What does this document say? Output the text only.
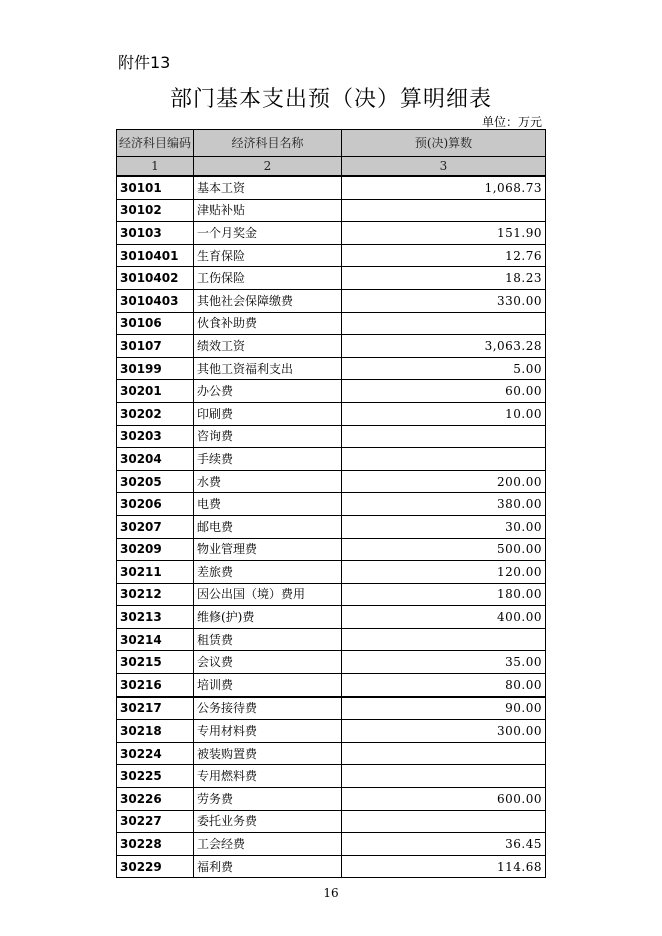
附件13
部门基本支出预（决）算明细表
单位：万元
经济科目编码	经济科目名称	预(决)算数
1	2	3
30101	基本工资	1,068.73
30102	津贴补贴	
30103	一个月奖金	151.90
3010401	生育保险	12.76
3010402	工伤保险	18.23
3010403	其他社会保障缴费	330.00
30106	伙食补助费	
30107	绩效工资	3,063.28
30199	其他工资福利支出	5.00
30201	办公费	60.00
30202	印刷费	10.00
30203	咨询费	
30204	手续费	
30205	水费	200.00
30206	电费	380.00
30207	邮电费	30.00
30209	物业管理费	500.00
30211	差旅费	120.00
30212	因公出国（境）费用	180.00
30213	维修(护)费	400.00
30214	租赁费	
30215	会议费	35.00
30216	培训费	80.00
30217	公务接待费	90.00
30218	专用材料费	300.00
30224	被装购置费	
30225	专用燃料费	
30226	劳务费	600.00
30227	委托业务费	
30228	工会经费	36.45
30229	福利费	114.68
16
